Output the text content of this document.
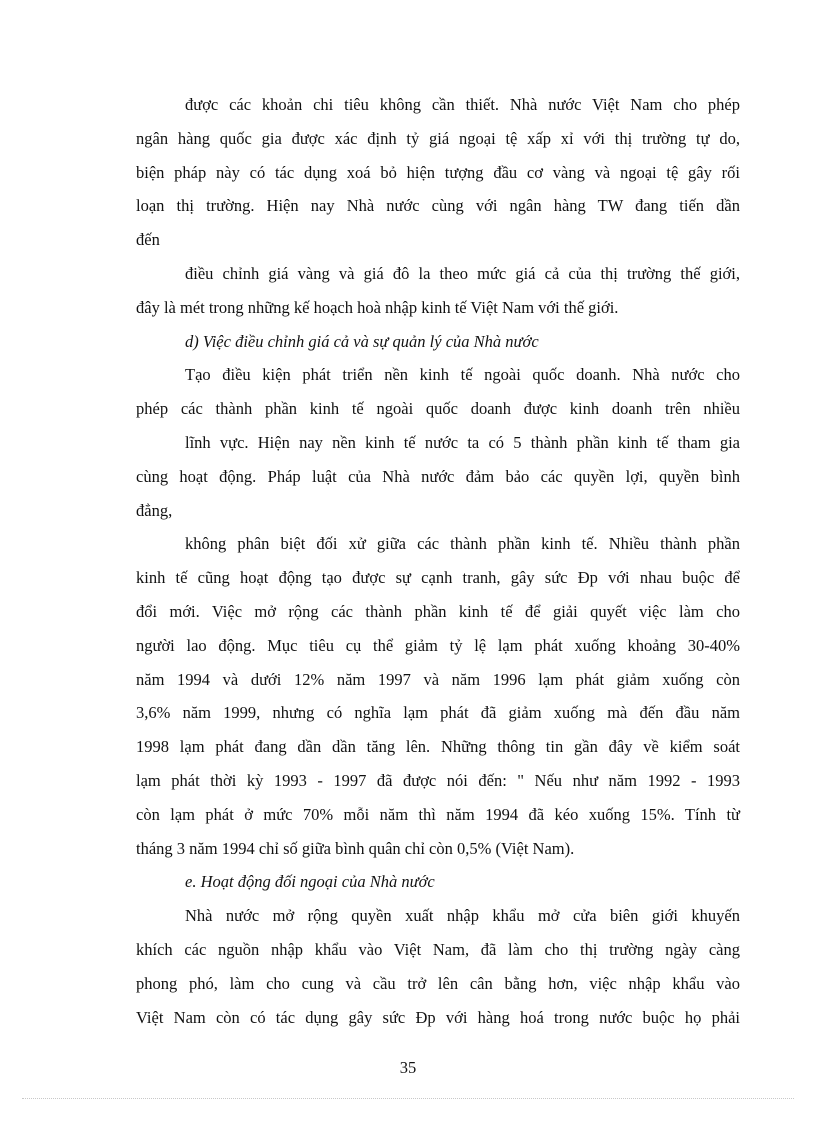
được các khoản chi tiêu không cần thiết. Nhà nước Việt Nam cho phép
ngân hàng quốc gia được xác định tỷ giá ngoại tệ xấp xỉ với thị trường tự do,
biện pháp này có tác dụng xoá bỏ hiện tượng đầu cơ vàng và ngoại tệ gây rối
loạn thị trường. Hiện nay Nhà nước cùng với ngân hàng TW đang tiến dần
đến
điều chỉnh giá vàng và giá đô la theo mức giá cả của thị trường thế giới,
đây là mét trong những kế hoạch hoà nhập kinh tế Việt Nam với thế giới.
d) Việc điều chỉnh giá cả và sự quản lý của Nhà nước
Tạo điều kiện phát triển nền kinh tế ngoài quốc doanh. Nhà nước cho
phép các thành phần kinh tế ngoài quốc doanh được kinh doanh trên nhiều
lĩnh vực. Hiện nay nền kinh tế nước ta có 5 thành phần kinh tế tham gia
cùng hoạt động. Pháp luật của Nhà nước đảm bảo các quyền lợi, quyền bình
đẳng,
không phân biệt đối xử giữa các thành phần kinh tế. Nhiều thành phần
kinh tế cũng hoạt động tạo được sự cạnh tranh, gây sức Ðp với nhau buộc để
đổi mới. Việc mở rộng các thành phần kinh tế để giải quyết việc làm cho
người lao động. Mục tiêu cụ thể giảm tỷ lệ lạm phát xuống khoảng 30-40%
năm 1994 và dưới 12% năm 1997 và năm 1996 lạm phát giảm xuống còn
3,6% năm 1999, nhưng có nghĩa lạm phát đã giảm xuống mà đến đầu năm
1998 lạm phát đang dần dần tăng lên. Những thông tin gần đây về kiểm soát
lạm phát thời kỳ 1993 - 1997 đã được nói đến: " Nếu như năm 1992 - 1993
còn lạm phát ở mức 70% mỗi năm thì năm 1994 đã kéo xuống 15%. Tính từ
tháng 3 năm 1994 chỉ số giữa bình quân chỉ còn 0,5% (Việt Nam).
e. Hoạt động đối ngoại của Nhà nước
Nhà nước mở rộng quyền xuất nhập khẩu mở cửa biên giới khuyến
khích các nguồn nhập khẩu vào Việt Nam, đã làm cho thị trường ngày càng
phong phó, làm cho cung và cầu trở lên cân bằng hơn, việc nhập khẩu vào
Việt Nam còn có tác dụng gây sức Ðp với hàng hoá trong nước buộc họ phải
35
